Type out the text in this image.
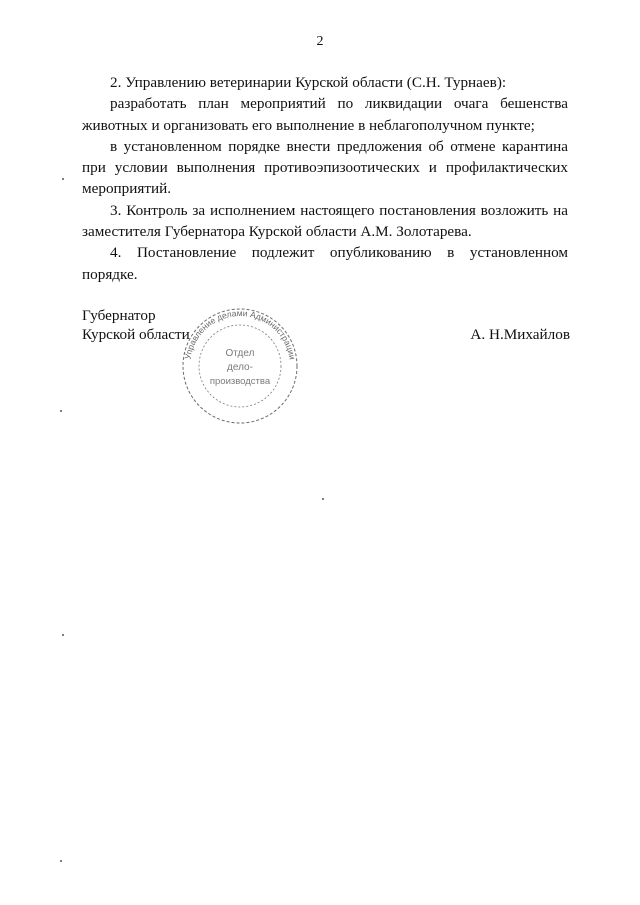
2

2. Управлению ветеринарии Курской области (С.Н. Турнаев):

разработать план мероприятий по ликвидации очага бешенства животных и организовать его выполнение в неблагополучном пункте;

в установленном порядке внести предложения об отмене карантина при условии выполнения противоэпизоотических и профилактических мероприятий.

3. Контроль за исполнением настоящего постановления возложить на заместителя Губернатора Курской области А.М. Золотарева.

4. Постановление подлежит опубликованию в установленном порядке.

Губернатор
Курской области	А. Н.Михайлов
Управление делами Администрации
Отдел
дело-
производства
